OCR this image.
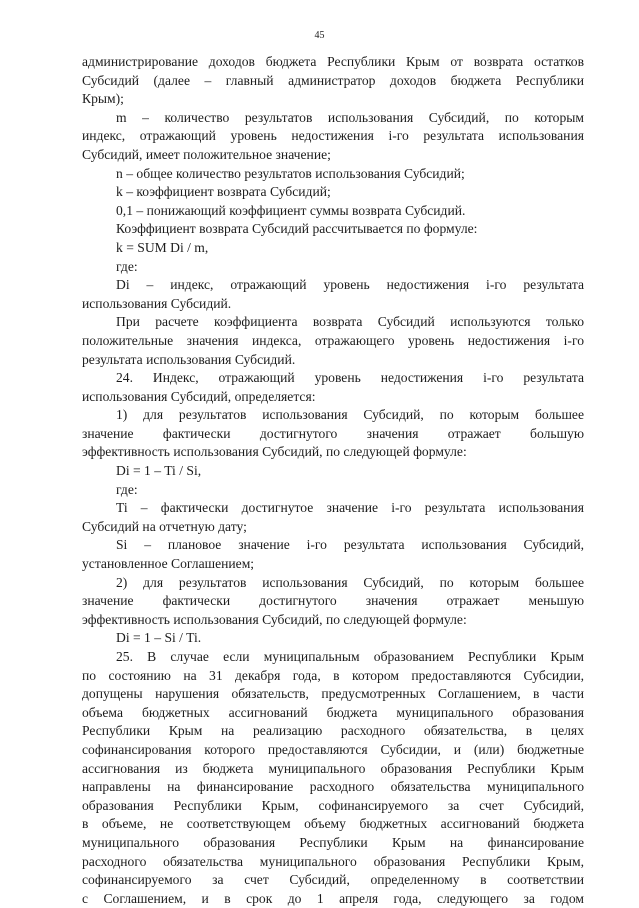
45
администрирование доходов бюджета Республики Крым от возврата остатков
Субсидий (далее – главный администратор доходов бюджета Республики
Крым);
m – количество результатов использования Субсидий, по которым
индекс, отражающий уровень недостижения i-го результата использования
Субсидий, имеет положительное значение;
n – общее количество результатов использования Субсидий;
k – коэффициент возврата Субсидий;
0,1 – понижающий коэффициент суммы возврата Субсидий.
Коэффициент возврата Субсидий рассчитывается по формуле:
k = SUM Di / m,
где:
Di – индекс, отражающий уровень недостижения i-го результата
использования Субсидий.
При расчете коэффициента возврата Субсидий используются только
положительные значения индекса, отражающего уровень недостижения i-го
результата использования Субсидий.
24. Индекс, отражающий уровень недостижения i-го результата
использования Субсидий, определяется:
1) для результатов использования Субсидий, по которым большее
значение фактически достигнутого значения отражает большую
эффективность использования Субсидий, по следующей формуле:
Di = 1 – Ti / Si,
где:
Ti – фактически достигнутое значение i-го результата использования
Субсидий на отчетную дату;
Si – плановое значение i-го результата использования Субсидий,
установленное Соглашением;
2) для результатов использования Субсидий, по которым большее
значение фактически достигнутого значения отражает меньшую
эффективность использования Субсидий, по следующей формуле:
Di = 1 – Si / Ti.
25. В случае если муниципальным образованием Республики Крым
по состоянию на 31 декабря года, в котором предоставляются Субсидии,
допущены нарушения обязательств, предусмотренных Соглашением, в части
объема бюджетных ассигнований бюджета муниципального образования
Республики Крым на реализацию расходного обязательства, в целях
софинансирования которого предоставляются Субсидии, и (или) бюджетные
ассигнования из бюджета муниципального образования Республики Крым
направлены на финансирование расходного обязательства муниципального
образования Республики Крым, софинансируемого за счет Субсидий,
в объеме, не соответствующем объему бюджетных ассигнований бюджета
муниципального образования Республики Крым на финансирование
расходного обязательства муниципального образования Республики Крым,
софинансируемого за счет Субсидий, определенному в соответствии
с Соглашением, и в срок до 1 апреля года, следующего за годом
